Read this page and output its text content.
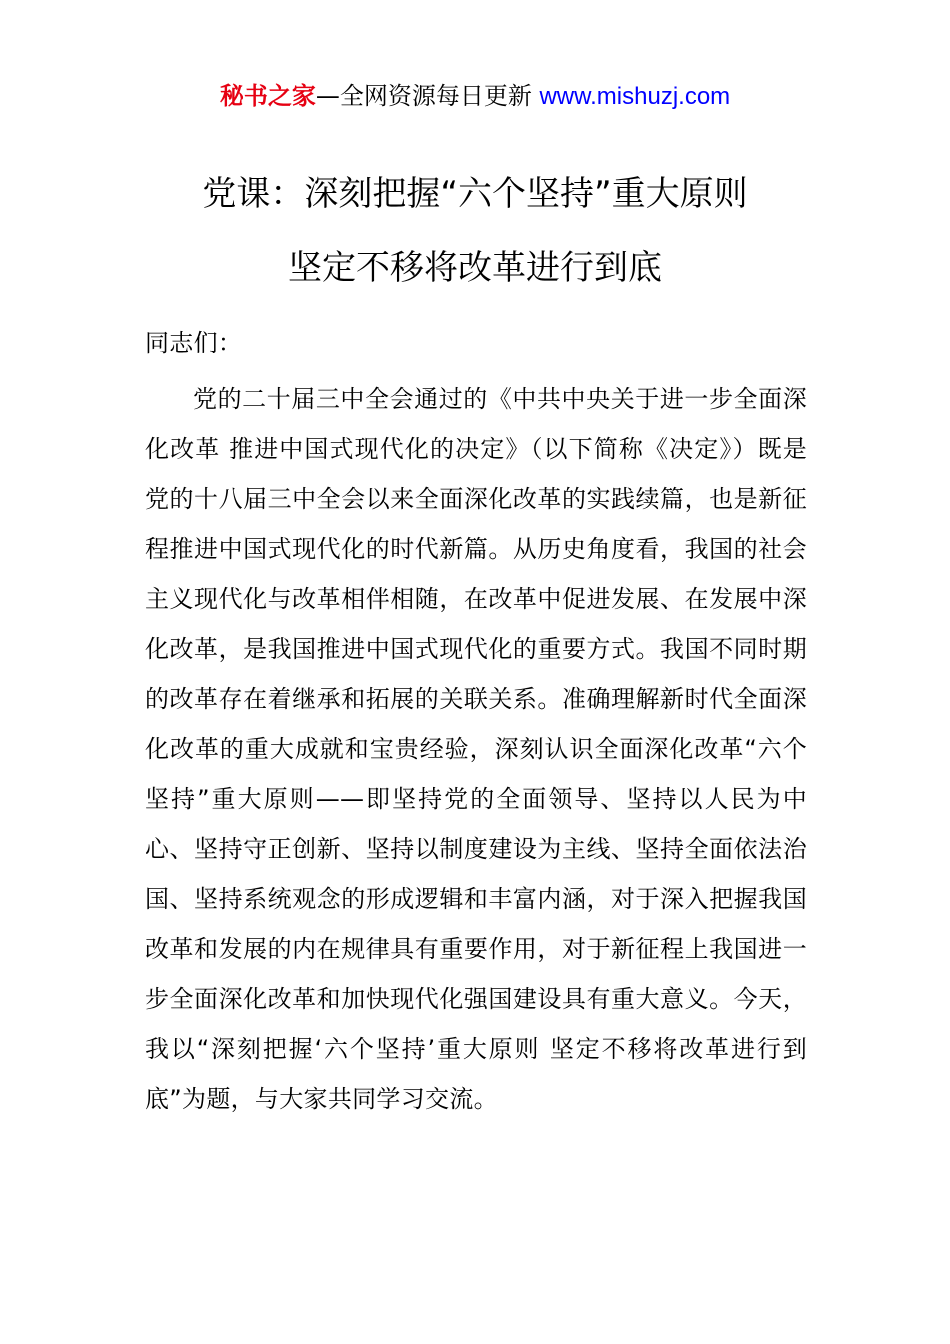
秘书之家—全网资源每日更新 www.mishuzj.com
党课：深刻把握“六个坚持”重大原则
坚定不移将改革进行到底
同志们：
党的二十届三中全会通过的《中共中央关于进一步全面深化改革 推进中国式现代化的决定》（以下简称《决定》）既是党的十八届三中全会以来全面深化改革的实践续篇，也是新征程推进中国式现代化的时代新篇。从历史角度看，我国的社会主义现代化与改革相伴相随，在改革中促进发展、在发展中深化改革，是我国推进中国式现代化的重要方式。我国不同时期的改革存在着继承和拓展的关联关系。准确理解新时代全面深化改革的重大成就和宝贵经验，深刻认识全面深化改革“六个坚持”重大原则——即坚持党的全面领导、坚持以人民为中心、坚持守正创新、坚持以制度建设为主线、坚持全面依法治国、坚持系统观念的形成逻辑和丰富内涵，对于深入把握我国改革和发展的内在规律具有重要作用，对于新征程上我国进一步全面深化改革和加快现代化强国建设具有重大意义。今天，我以“深刻把握‘六个坚持’重大原则 坚定不移将改革进行到底”为题，与大家共同学习交流。
